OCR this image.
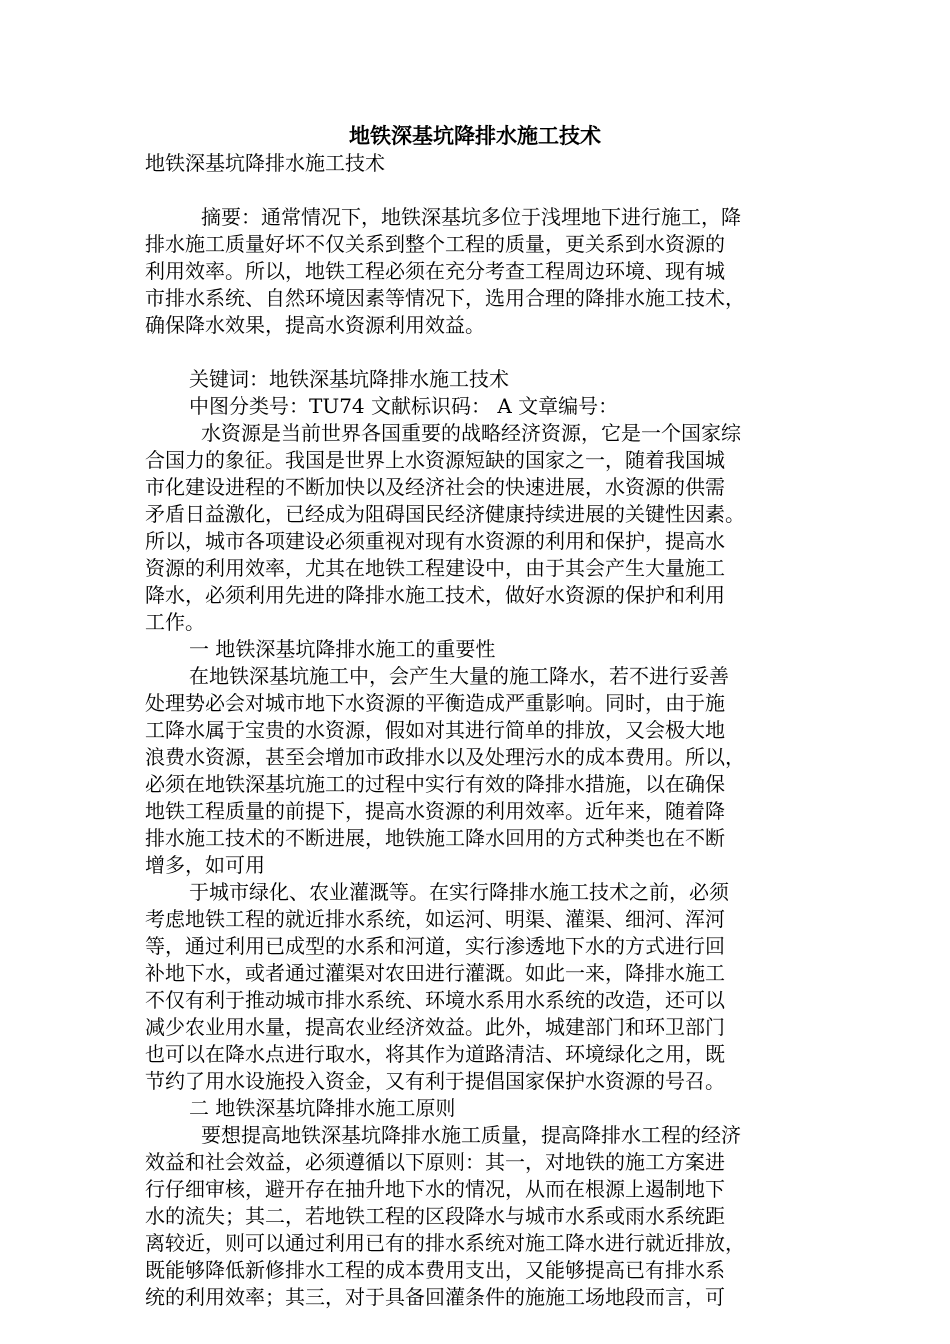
地铁深基坑降排水施工技术
地铁深基坑降排水施工技术
摘要：通常情况下，地铁深基坑多位于浅埋地下进行施工，降
排水施工质量好坏不仅关系到整个工程的质量，更关系到水资源的
利用效率。所以，地铁工程必须在充分考查工程周边环境、现有城
市排水系统、自然环境因素等情况下，选用合理的降排水施工技术，
确保降水效果，提高水资源利用效益。
关键词：地铁深基坑降排水施工技术
中图分类号：TU74 文献标识码： A 文章编号：
水资源是当前世界各国重要的战略经济资源，它是一个国家综
合国力的象征。我国是世界上水资源短缺的国家之一，随着我国城
市化建设进程的不断加快以及经济社会的快速进展，水资源的供需
矛盾日益激化，已经成为阻碍国民经济健康持续进展的关键性因素。
所以，城市各项建设必须重视对现有水资源的利用和保护，提高水
资源的利用效率，尤其在地铁工程建设中，由于其会产生大量施工
降水，必须利用先进的降排水施工技术，做好水资源的保护和利用
工作。
一 地铁深基坑降排水施工的重要性
在地铁深基坑施工中，会产生大量的施工降水，若不进行妥善
处理势必会对城市地下水资源的平衡造成严重影响。同时，由于施
工降水属于宝贵的水资源，假如对其进行简单的排放，又会极大地
浪费水资源，甚至会增加市政排水以及处理污水的成本费用。所以，
必须在地铁深基坑施工的过程中实行有效的降排水措施，以在确保
地铁工程质量的前提下，提高水资源的利用效率。近年来，随着降
排水施工技术的不断进展，地铁施工降水回用的方式种类也在不断
增多，如可用
于城市绿化、农业灌溉等。在实行降排水施工技术之前，必须
考虑地铁工程的就近排水系统，如运河、明渠、灌渠、细河、浑河
等，通过利用已成型的水系和河道，实行渗透地下水的方式进行回
补地下水，或者通过灌渠对农田进行灌溉。如此一来，降排水施工
不仅有利于推动城市排水系统、环境水系用水系统的改造，还可以
减少农业用水量，提高农业经济效益。此外，城建部门和环卫部门
也可以在降水点进行取水，将其作为道路清洁、环境绿化之用，既
节约了用水设施投入资金，又有利于提倡国家保护水资源的号召。
二 地铁深基坑降排水施工原则
要想提高地铁深基坑降排水施工质量，提高降排水工程的经济
效益和社会效益，必须遵循以下原则：其一，对地铁的施工方案进
行仔细审核，避开存在抽升地下水的情况，从而在根源上遏制地下
水的流失；其二，若地铁工程的区段降水与城市水系或雨水系统距
离较近，则可以通过利用已有的排水系统对施工降水进行就近排放，
既能够降低新修排水工程的成本费用支出，又能够提高已有排水系
统的利用效率；其三，对于具备回灌条件的施施工场地段而言，可
